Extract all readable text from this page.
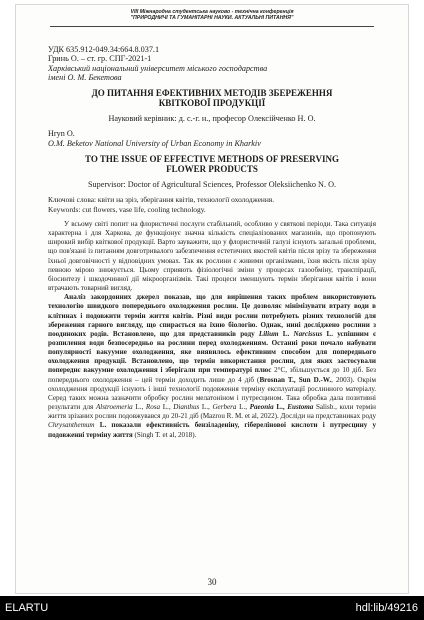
VIII Міжнародна студентська науково - технічна конференція
"ПРИРОДНИЧІ ТА ГУМАНІТАРНІ НАУКИ. АКТУАЛЬНІ ПИТАННЯ"
УДК 635.912-049.34:664.8.037.1
Гринь О. – ст. гр. СПГ-2021-1
Харківський національний університет міського господарства
імені О. М. Бекетова
ДО ПИТАННЯ ЕФЕКТИВНИХ МЕТОДІВ ЗБЕРЕЖЕННЯ
КВІТКОВОЇ ПРОДУКЦІЇ
Науковий керівник: д. с.-г. н., професор Олексійченко Н. О.
Hryn O.
O.M. Beketov National University of Urban Economy in Kharkiv
TO THE ISSUE OF EFFECTIVE METHODS OF PRESERVING
FLOWER PRODUCTS
Supervisor: Doctor of Agricultural Sciences, Professor Oleksiichenko N. O.
Ключові слова: квіти на зріз, зберігання квітів, технології охолодження.
Keywords: cut flowers, vase life, cooling technology.

У всьому світі попит на флористичні послуги стабільний, особливо у святкові періоди. Така ситуація характерна і для Харкова, де функціонує значна кількість спеціалізованих магазинів, що пропонують широкий вибір квіткової продукції. Варто зауважити, що у флористичній галузі існують загальні проблеми, що пов'язані із питанням довготривалого забезпечення естетичних якостей квітів після зрізу та збереження їхньої довговічності у відповідних умовах. Так як рослини є живими організмами, їхня якість після зрізу певною мірою знижується. Цьому сприяють фізіологічні зміни у процесах газообміну, транспірації, біосинтезу і шкодочинної дії мікроорганізмів. Такі процеси зменшують термін зберігання квітів і вони втрачають товарний вигляд.

Аналіз закордонних джерел показав, що для вирішення таких проблем використовують технологію швидкого попереднього охолодження рослин. Це дозволяє мінімізувати втрату води в клітинах і подовжити термін життя квітів. Різні види рослин потребують різних технологій для збереження гарного вигляду, що спирається на їхню біологію. Однак, нині досліджено рослини з поодиноких родів. Встановлено, що для представників роду Lilium L. Narcissus L. успішним є розпилення води безпосередньо на рослини перед охолодженням. Останні роки почало набувати популярності вакуумне охолодження, яке виявилось ефективним способом для попереднього охолодження продукції. Встановлено, що термін використання рослин, для яких застосували попереднє вакуумне охолодження і зберігали при температурі плюс 2°С, збільшується до 10 діб. Без попереднього охолодження – цей термін доходить лише до 4 діб (Brosnan T., Sun D.-W., 2003). Окрім охолодження продукції існують і інші технології подовження терміну експлуатації рослинного матеріалу. Серед таких можна зазначити обробку рослин мелатоніном і путресцином. Така обробка дала позитивні результати для Alstroemeria L., Rosa L., Dianthus L., Gerbera L., Paeonia L., Eustoma Salisb., коли термін життя зрізаних рослин подовжувався до 20-21 діб (Mazrou R. M. et al, 2022). Досліди на представниках роду Chrysanthemum L. показали ефективність бензіладеніну, гібереліновоі кислоти і путресцину у подовженні терміну життя (Singh T. et al, 2018).

30
ELARTU	hdl:lib/49216
